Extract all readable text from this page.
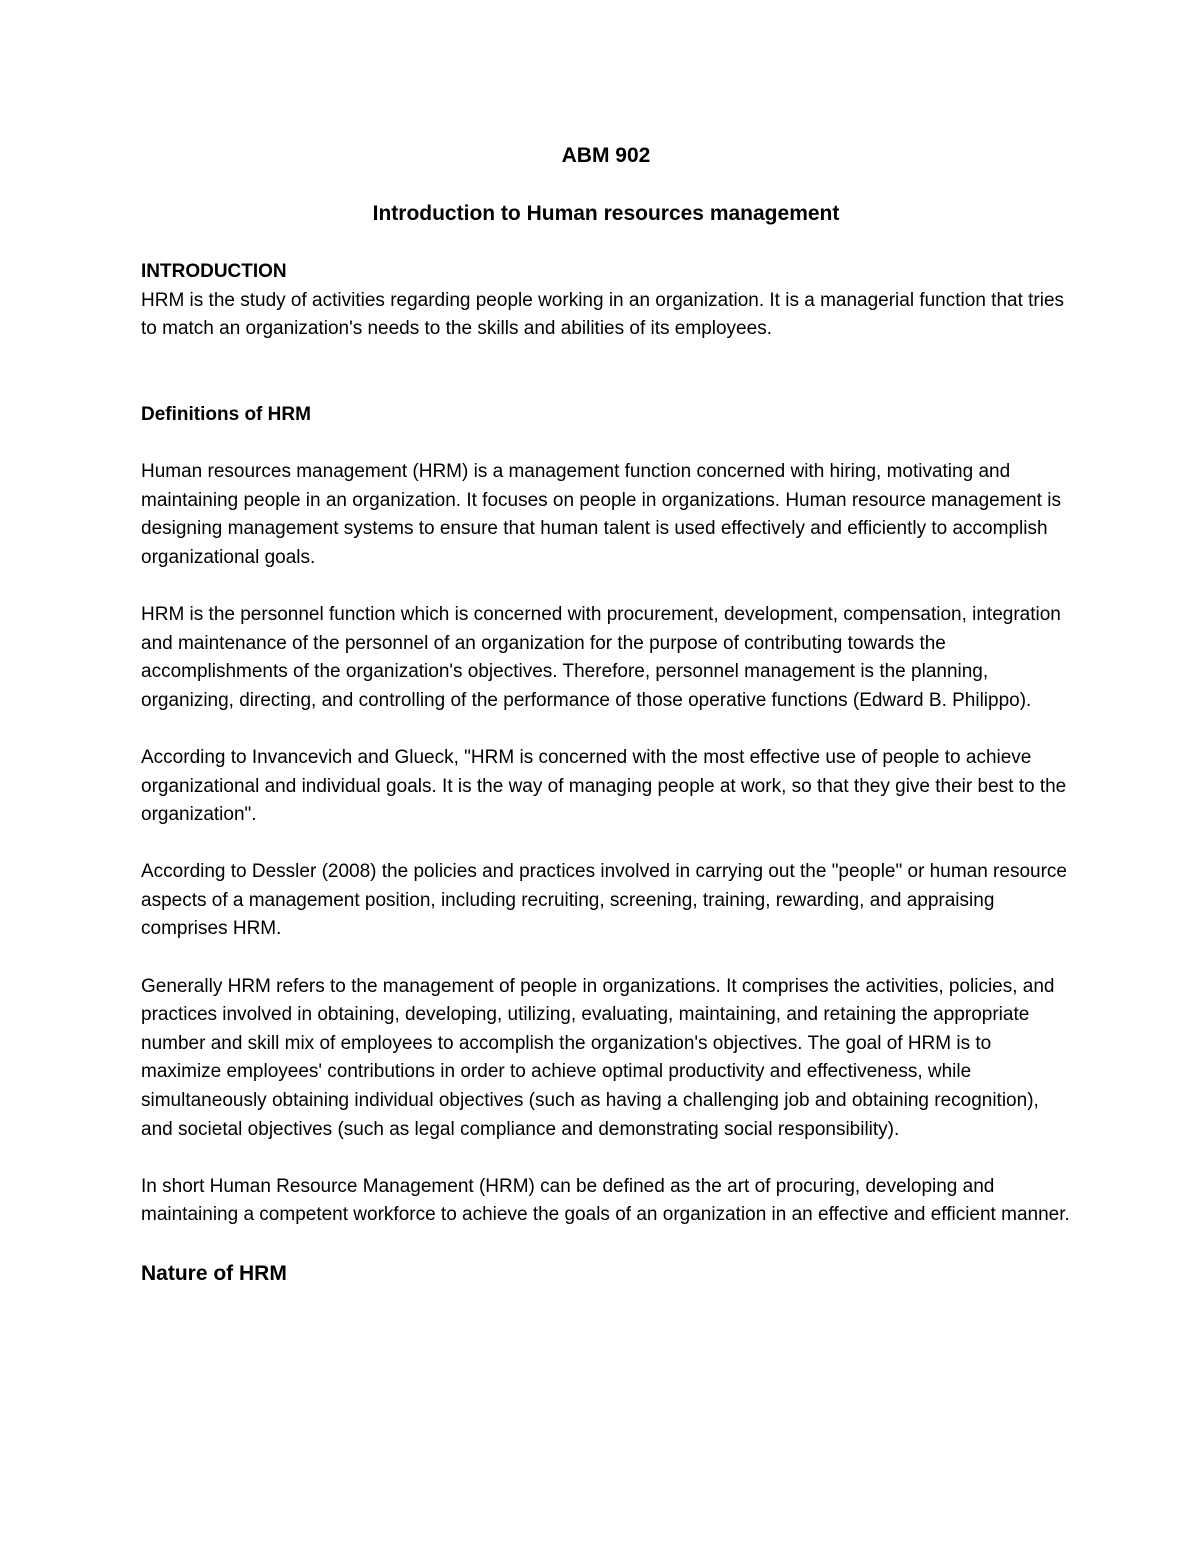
ABM 902
Introduction to Human resources management
INTRODUCTION

HRM is the study of activities regarding people working in an organization. It is a managerial function that tries to match an organization's needs to the skills and abilities of its employees.

Definitions of HRM

Human resources management (HRM) is a management function concerned with hiring, motivating and maintaining people in an organization. It focuses on people in organizations. Human resource management is designing management systems to ensure that human talent is used effectively and efficiently to accomplish organizational goals.

HRM is the personnel function which is concerned with procurement, development, compensation, integration and maintenance of the personnel of an organization for the purpose of contributing towards the accomplishments of the organization's objectives. Therefore, personnel management is the planning, organizing, directing, and controlling of the performance of those operative functions (Edward B. Philippo).

According to Invancevich and Glueck, "HRM is concerned with the most effective use of people to achieve organizational and individual goals. It is the way of managing people at work, so that they give their best to the organization".

According to Dessler (2008) the policies and practices involved in carrying out the "people" or human resource aspects of a management position, including recruiting, screening, training, rewarding, and appraising comprises HRM.

Generally HRM refers to the management of people in organizations. It comprises the activities, policies, and practices involved in obtaining, developing, utilizing, evaluating, maintaining, and retaining the appropriate number and skill mix of employees to accomplish the organization's objectives. The goal of HRM is to

maximize employees' contributions in order to achieve optimal productivity and effectiveness, while simultaneously obtaining individual objectives (such as having a challenging job and obtaining recognition), and societal objectives (such as legal compliance and demonstrating social responsibility).

In short Human Resource Management (HRM) can be defined as the art of procuring, developing and maintaining a competent workforce to achieve the goals of an organization in an effective and efficient manner.

Nature of HRM
